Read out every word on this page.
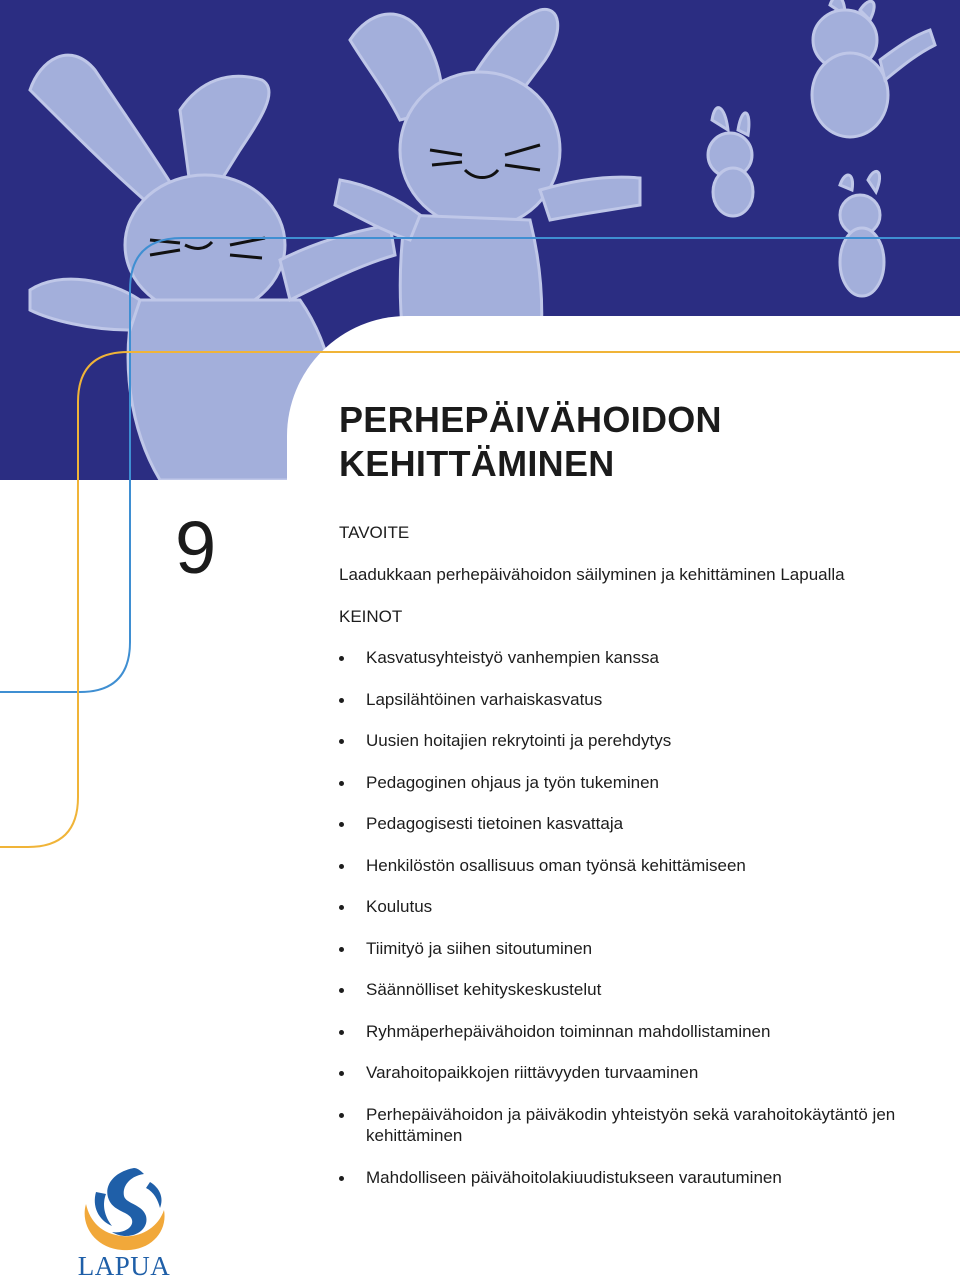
PERHEPÄIVÄHOIDON
KEHITTÄMINEN
9	TAVOITE
Laadukkaan perhepäivähoidon säilyminen ja kehittäminen Lapualla
KEINOT
Kasvatusyhteistyö vanhempien kanssa
Lapsilähtöinen varhaiskasvatus
Uusien hoitajien rekrytointi ja perehdytys
Pedagoginen ohjaus ja työn tukeminen
Pedagogisesti tietoinen kasvattaja
Henkilöstön osallisuus oman työnsä kehittämiseen
Koulutus
Tiimityö ja siihen sitoutuminen
Säännölliset kehityskeskustelut
Ryhmäperhepäivähoidon toiminnan mahdollistaminen
Varahoitopaikkojen riittävyyden turvaaminen
Perhepäivähoidon ja päiväkodin yhteistyön sekä varahoitokäytäntö jen kehittäminen
Mahdolliseen päivähoitolakiuudistukseen varautuminen
LAPUA
